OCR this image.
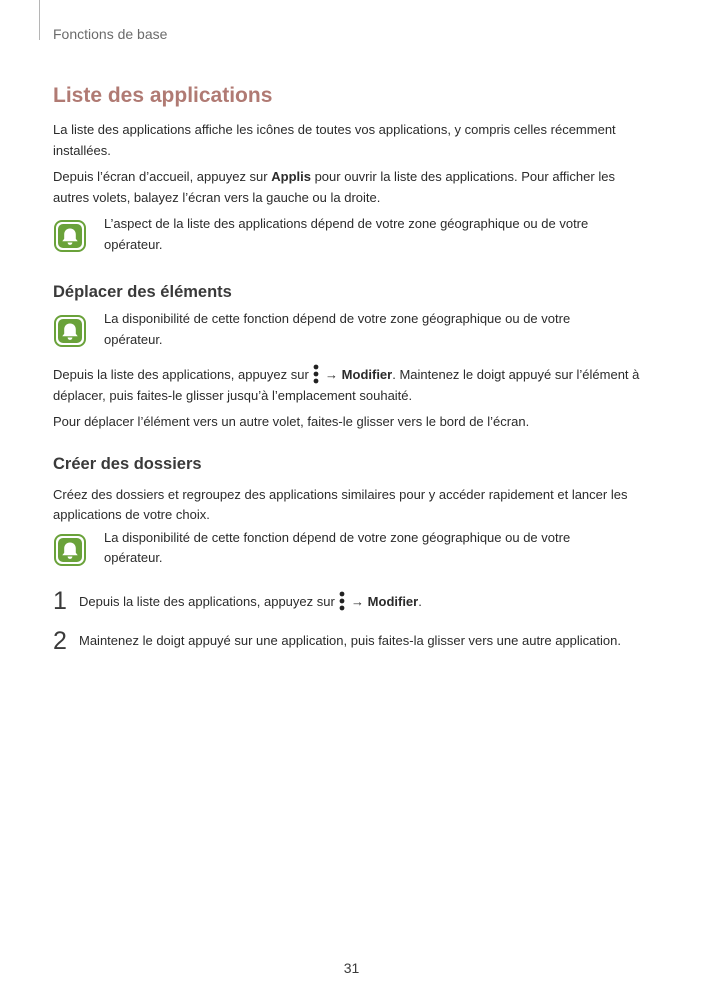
Fonctions de base
Liste des applications

La liste des applications affiche les icônes de toutes vos applications, y compris celles récemment installées.

Depuis l’écran d’accueil, appuyez sur Applis pour ouvrir la liste des applications. Pour afficher les autres volets, balayez l’écran vers la gauche ou la droite.

L’aspect de la liste des applications dépend de votre zone géographique ou de votre opérateur.
Déplacer des éléments
La disponibilité de cette fonction dépend de votre zone géographique ou de votre opérateur.

Depuis la liste des applications, appuyez sur  → Modifier. Maintenez le doigt appuyé sur l’élément à déplacer, puis faites-le glisser jusqu’à l’emplacement souhaité.

Pour déplacer l’élément vers un autre volet, faites-le glisser vers le bord de l’écran.

Créer des dossiers

Créez des dossiers et regroupez des applications similaires pour y accéder rapidement et lancer les applications de votre choix.

La disponibilité de cette fonction dépend de votre zone géographique ou de votre opérateur.
1 Depuis la liste des applications, appuyez sur  → Modifier.
2 Maintenez le doigt appuyé sur une application, puis faites-la glisser vers une autre application.
31
